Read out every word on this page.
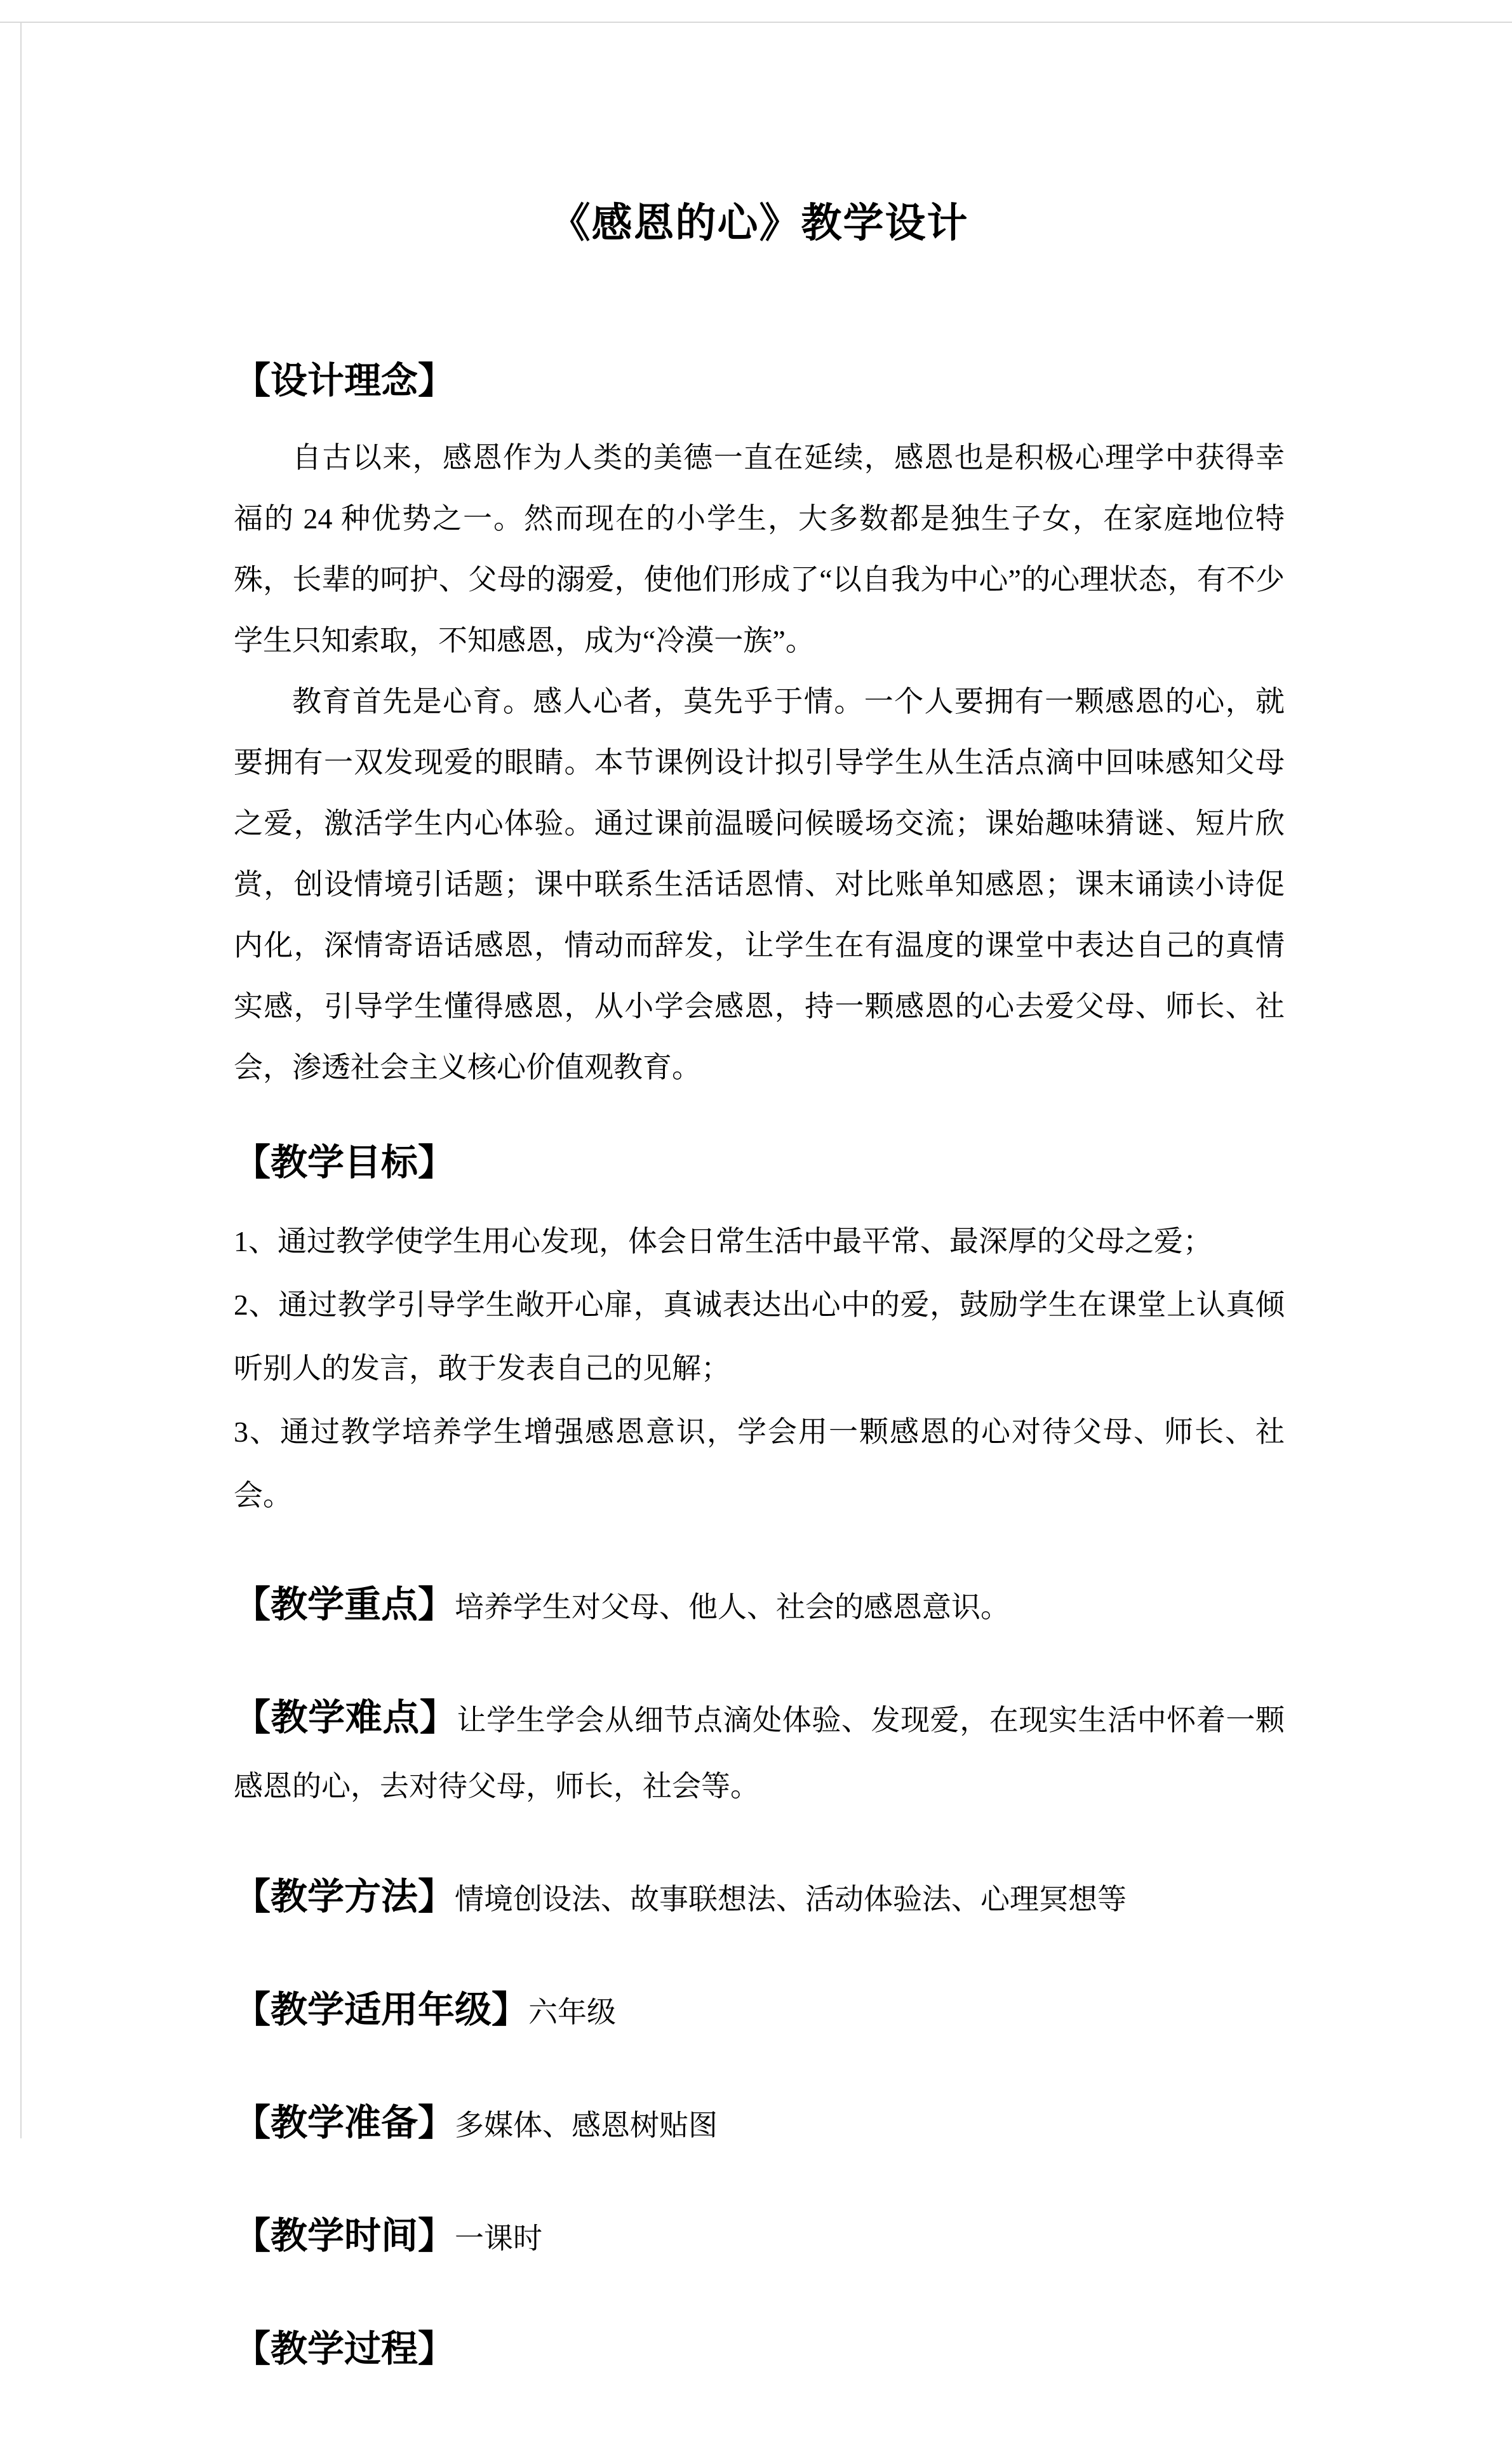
《感恩的心》教学设计
【设计理念】

自古以来，感恩作为人类的美德一直在延续，感恩也是积极心理学中获得幸福的 24 种优势之一。然而现在的小学生，大多数都是独生子女，在家庭地位特殊，长辈的呵护、父母的溺爱，使他们形成了“以自我为中心”的心理状态，有不少学生只知索取，不知感恩，成为“冷漠一族”。

教育首先是心育。感人心者，莫先乎于情。一个人要拥有一颗感恩的心，就要拥有一双发现爱的眼睛。本节课例设计拟引导学生从生活点滴中回味感知父母之爱，激活学生内心体验。通过课前温暖问候暖场交流；课始趣味猜谜、短片欣赏，创设情境引话题；课中联系生活话恩情、对比账单知感恩；课末诵读小诗促内化，深情寄语话感恩，情动而辞发，让学生在有温度的课堂中表达自己的真情实感，引导学生懂得感恩，从小学会感恩，持一颗感恩的心去爱父母、师长、社会，渗透社会主义核心价值观教育。

【教学目标】

1、通过教学使学生用心发现，体会日常生活中最平常、最深厚的父母之爱；

2、通过教学引导学生敞开心扉，真诚表达出心中的爱，鼓励学生在课堂上认真倾听别人的发言，敢于发表自己的见解；

3、通过教学培养学生增强感恩意识，学会用一颗感恩的心对待父母、师长、社会。

【教学重点】培养学生对父母、他人、社会的感恩意识。

【教学难点】让学生学会从细节点滴处体验、发现爱，在现实生活中怀着一颗感恩的心，去对待父母，师长，社会等。

【教学方法】情境创设法、故事联想法、活动体验法、心理冥想等

【教学适用年级】六年级

【教学准备】多媒体、感恩树贴图

【教学时间】一课时

【教学过程】
